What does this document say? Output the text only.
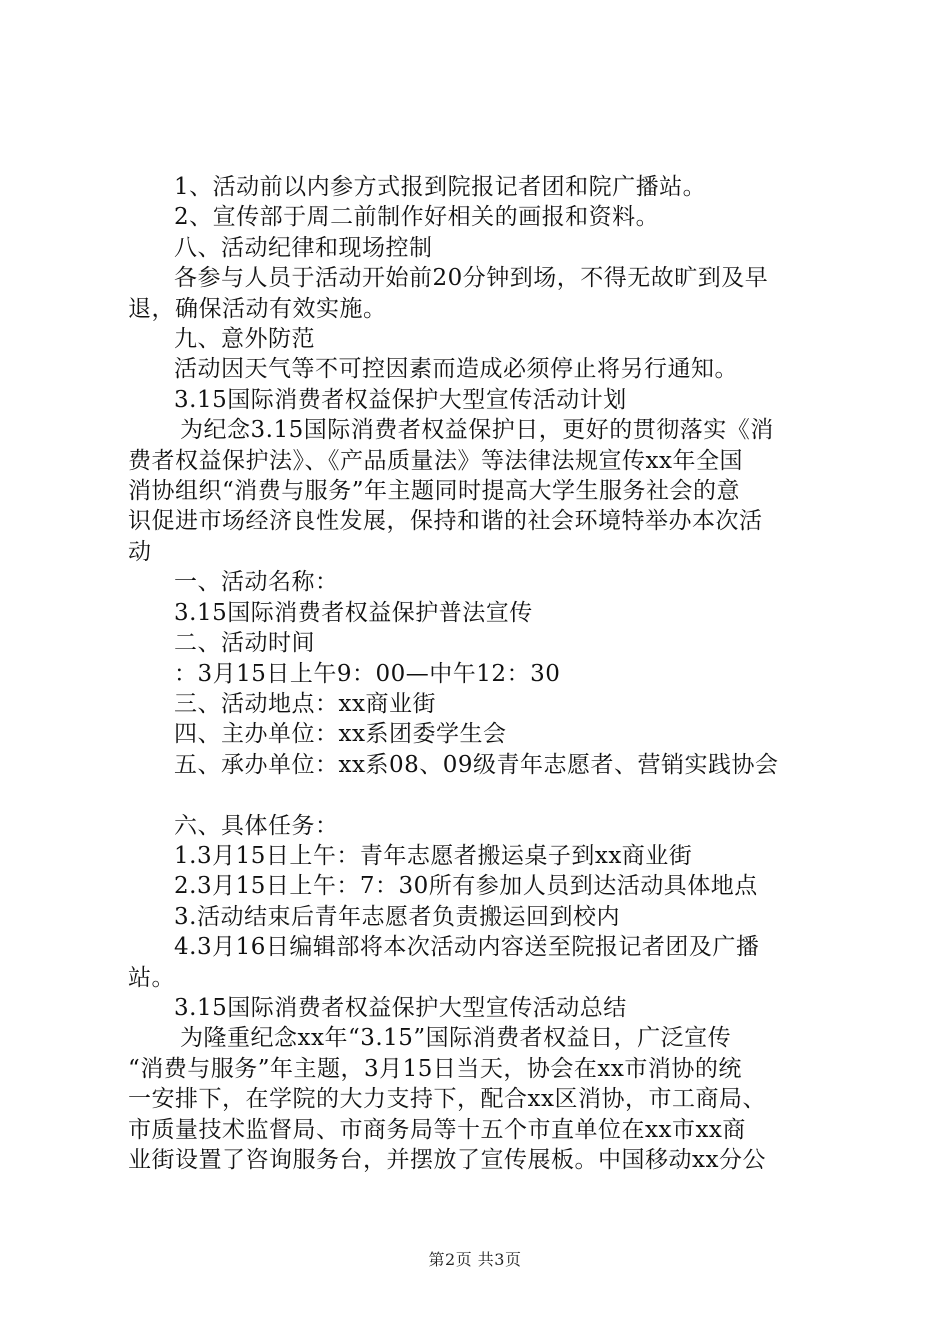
1、活动前以内参方式报到院报记者团和院广播站。
2、宣传部于周二前制作好相关的画报和资料。
八、活动纪律和现场控制
各参与人员于活动开始前20分钟到场，不得无故旷到及早
退，确保活动有效实施。
九、意外防范
活动因天气等不可控因素而造成必须停止将另行通知。
3.15国际消费者权益保护大型宣传活动计划
为纪念3.15国际消费者权益保护日，更好的贯彻落实《消
费者权益保护法》、《产品质量法》等法律法规宣传xx年全国
消协组织“消费与服务”年主题同时提高大学生服务社会的意
识促进市场经济良性发展，保持和谐的社会环境特举办本次活
动
一、活动名称：
3.15国际消费者权益保护普法宣传
二、活动时间
：3月15日上午9：00—中午12：30
三、活动地点：xx商业街
四、主办单位：xx系团委学生会
五、承办单位：xx系08、09级青年志愿者、营销实践协会
六、具体任务：
1.3月15日上午：青年志愿者搬运桌子到xx商业街
2.3月15日上午：7：30所有参加人员到达活动具体地点
3.活动结束后青年志愿者负责搬运回到校内
4.3月16日编辑部将本次活动内容送至院报记者团及广播
站。
3.15国际消费者权益保护大型宣传活动总结
为隆重纪念xx年“3.15”国际消费者权益日，广泛宣传
“消费与服务”年主题，3月15日当天，协会在xx市消协的统
一安排下，在学院的大力支持下，配合xx区消协，市工商局、
市质量技术监督局、市商务局等十五个市直单位在xx市xx商
业街设置了咨询服务台，并摆放了宣传展板。中国移动xx分公
第2页 共3页
